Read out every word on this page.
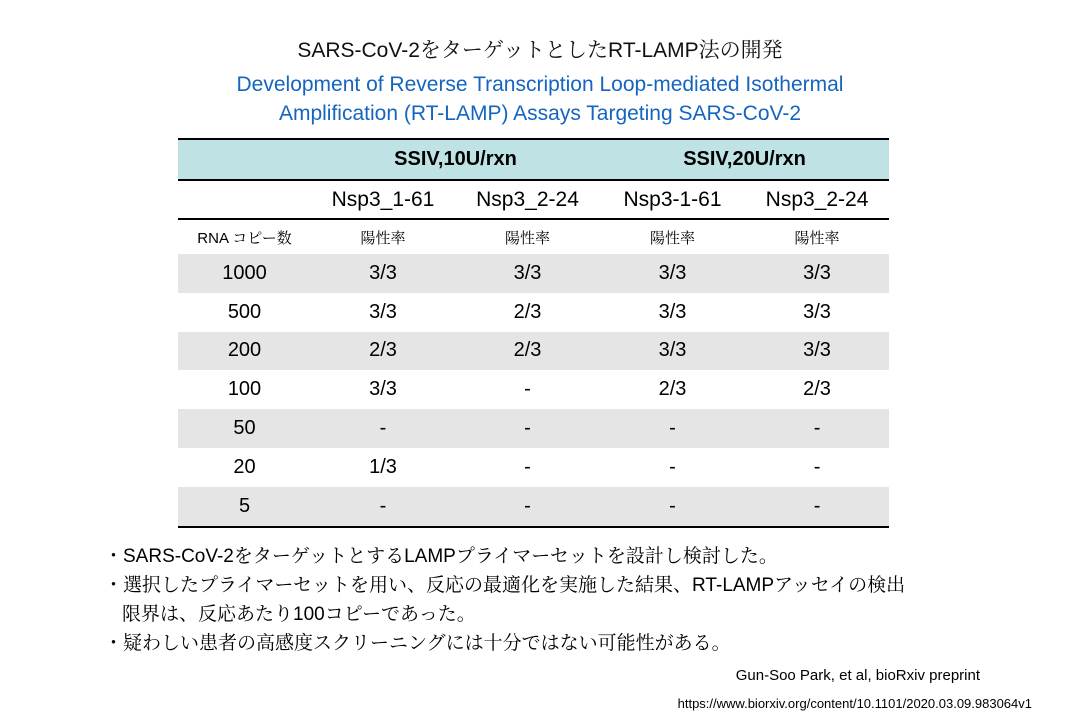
SARS-CoV-2をターゲットとしたRT-LAMP法の開発
Development of Reverse Transcription Loop-mediated Isothermal
Amplification (RT-LAMP) Assays Targeting SARS-CoV-2
	SSIV,10U/rxn		SSIV,20U/rxn	
	Nsp3_1-61	Nsp3_2-24	Nsp3-1-61	Nsp3_2-24
RNA コピー数	陽性率	陽性率	陽性率	陽性率
1000	3/3	3/3	3/3	3/3
500	3/3	2/3	3/3	3/3
200	2/3	2/3	3/3	3/3
100	3/3	-	2/3	2/3
50	-	-	-	-
20	1/3	-	-	-
5	-	-	-	-
・SARS-CoV-2をターゲットとするLAMPプライマーセットを設計し検討した。
・選択したプライマーセットを用い、反応の最適化を実施した結果、RT-LAMPアッセイの検出
限界は、反応あたり100コピーであった。
・疑わしい患者の高感度スクリーニングには十分ではない可能性がある。
Gun-Soo Park, et al, bioRxiv preprint
https://www.biorxiv.org/content/10.1101/2020.03.09.983064v1
